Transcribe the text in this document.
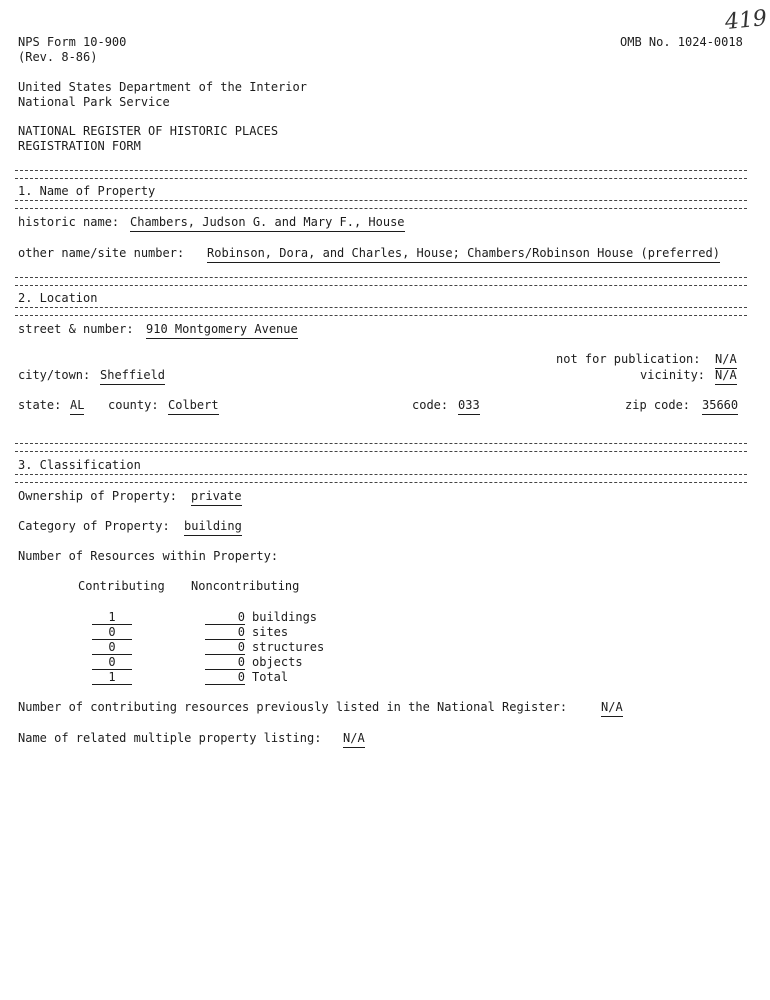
419
NPS Form 10-900
(Rev. 8-86)
OMB No. 1024-0018
United States Department of the Interior
National Park Service
NATIONAL REGISTER OF HISTORIC PLACES
REGISTRATION FORM
1. Name of Property
historic name: Chambers, Judson G. and Mary F., House
other name/site number: Robinson, Dora, and Charles, House; Chambers/Robinson House (preferred)
2. Location
street & number: 910 Montgomery Avenue
not for publication: N/A
city/town: Sheffield	vicinity: N/A
state: AL county: Colbert	code: 033	zip code: 35660
3. Classification
Ownership of Property: private
Category of Property: building
Number of Resources within Property:
Contributing Noncontributing
1	0 buildings
0	0 sites
0	0 structures
0	0 objects
1	0 Total
Number of contributing resources previously listed in the National Register:	N/A
Name of related multiple property listing: N/A
